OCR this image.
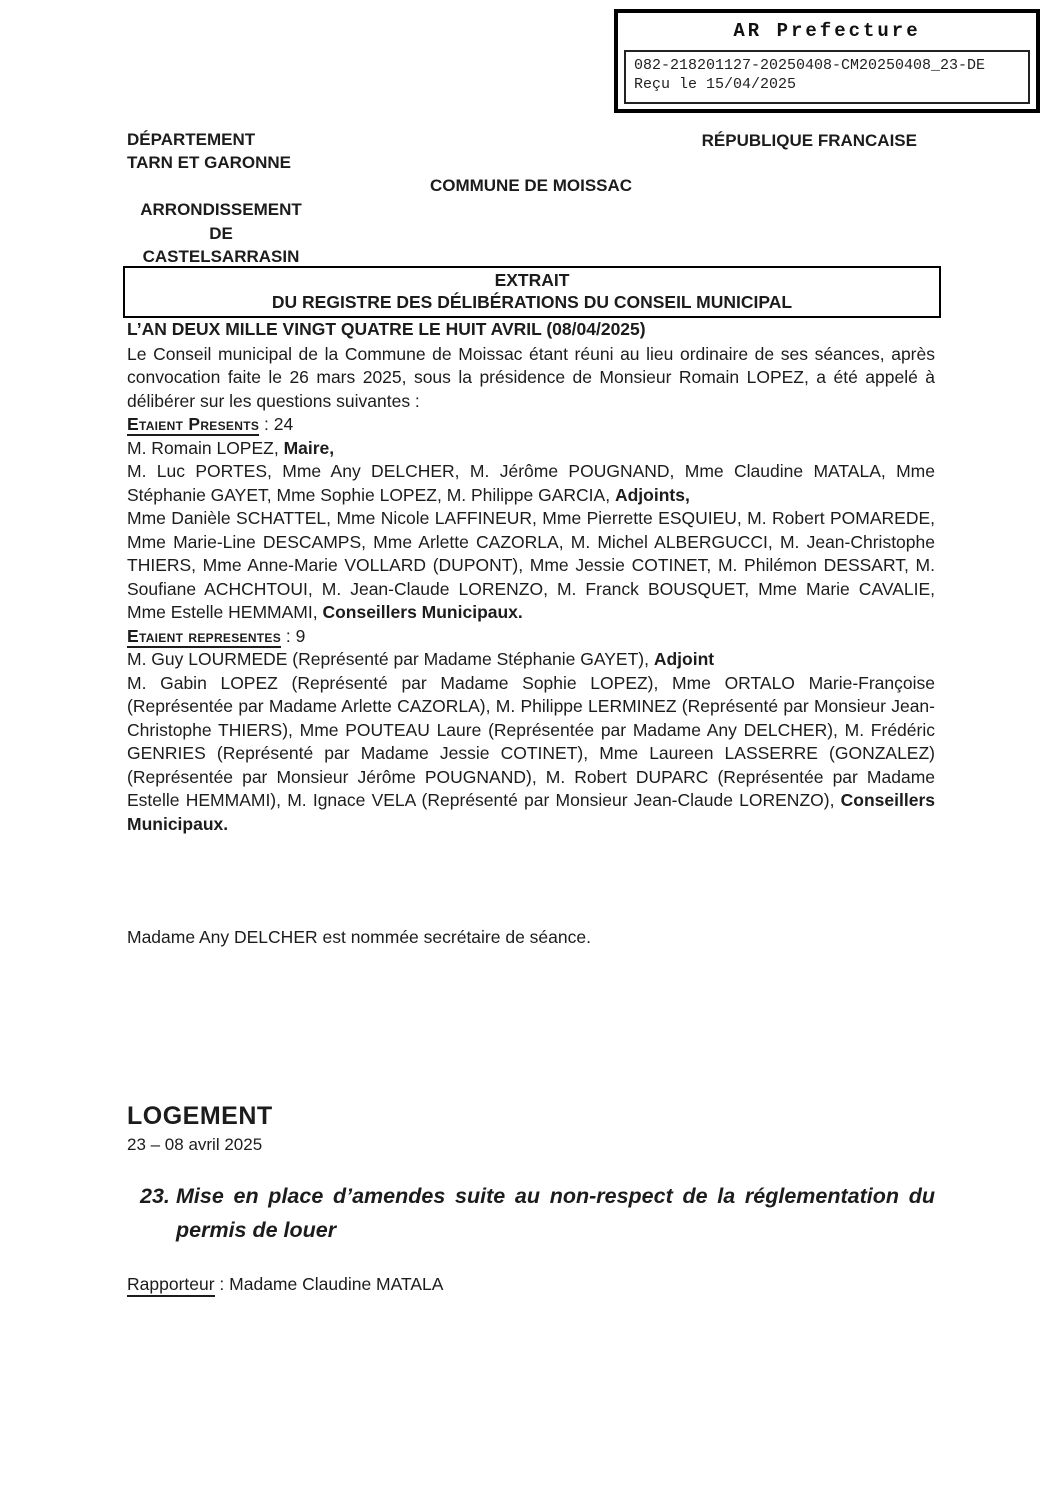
AR Prefecture
082-218201127-20250408-CM20250408_23-DE
Reçu le 15/04/2025
DÉPARTEMENT
TARN ET GARONNE
RÉPUBLIQUE FRANCAISE
COMMUNE DE MOISSAC
ARRONDISSEMENT
DE
CASTELSARRASIN
EXTRAIT
DU REGISTRE DES DÉLIBÉRATIONS DU CONSEIL MUNICIPAL
L’AN DEUX MILLE VINGT QUATRE LE HUIT AVRIL (08/04/2025)
Le Conseil municipal de la Commune de Moissac étant réuni au lieu ordinaire de ses séances, après convocation faite le 26 mars 2025, sous la présidence de Monsieur Romain LOPEZ, a été appelé à délibérer sur les questions suivantes :
Etaient Presents : 24
M. Romain LOPEZ, Maire,
M. Luc PORTES, Mme Any DELCHER, M. Jérôme POUGNAND, Mme Claudine MATALA, Mme Stéphanie GAYET, Mme Sophie LOPEZ, M. Philippe GARCIA, Adjoints,
Mme Danièle SCHATTEL, Mme Nicole LAFFINEUR, Mme Pierrette ESQUIEU, M. Robert POMAREDE, Mme Marie-Line DESCAMPS, Mme Arlette CAZORLA, M. Michel ALBERGUCCI, M. Jean-Christophe THIERS, Mme Anne-Marie VOLLARD (DUPONT), Mme Jessie COTINET, M. Philémon DESSART, M. Soufiane ACHCHTOUI, M. Jean-Claude LORENZO, M. Franck BOUSQUET, Mme Marie CAVALIE, Mme Estelle HEMMAMI, Conseillers Municipaux.
Etaient representes : 9
M. Guy LOURMEDE (Représenté par Madame Stéphanie GAYET), Adjoint
M. Gabin LOPEZ (Représenté par Madame Sophie LOPEZ), Mme ORTALO Marie-Françoise (Représentée par Madame Arlette CAZORLA), M. Philippe LERMINEZ (Représenté par Monsieur Jean-Christophe THIERS), Mme POUTEAU Laure (Représentée par Madame Any DELCHER), M. Frédéric GENRIES (Représenté par Madame Jessie COTINET), Mme Laureen LASSERRE (GONZALEZ) (Représentée par Monsieur Jérôme POUGNAND), M. Robert DUPARC (Représentée par Madame Estelle HEMMAMI), M. Ignace VELA (Représenté par Monsieur Jean-Claude LORENZO), Conseillers Municipaux.
Madame Any DELCHER est nommée secrétaire de séance.
LOGEMENT
23 – 08 avril 2025
23. Mise en place d’amendes suite au non-respect de la réglementation du permis de louer
Rapporteur : Madame Claudine MATALA
